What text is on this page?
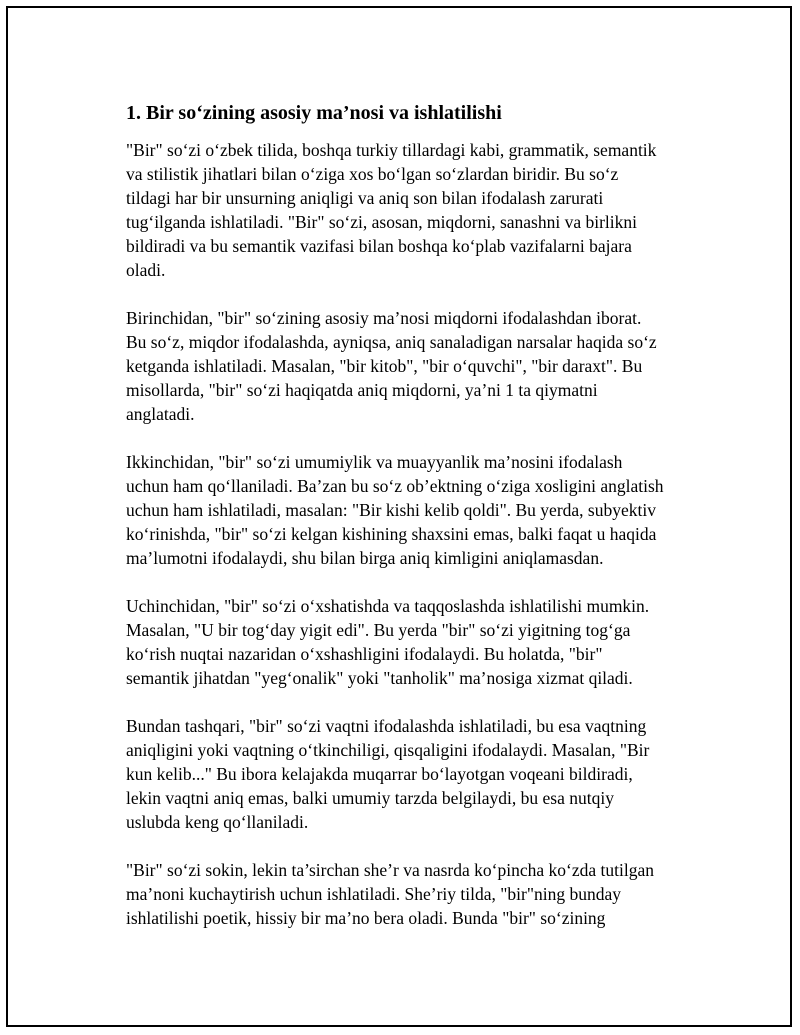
1. Bir so‘zining asosiy ma’nosi va ishlatilishi

"Bir" so‘zi o‘zbek tilida, boshqa turkiy tillardagi kabi, grammatik, semantik
va stilistik jihatlari bilan o‘ziga xos bo‘lgan so‘zlardan biridir. Bu so‘z
tildagi har bir unsurning aniqligi va aniq son bilan ifodalash zarurati
tug‘ilganda ishlatiladi. "Bir" so‘zi, asosan, miqdorni, sanashni va birlikni
bildiradi va bu semantik vazifasi bilan boshqa ko‘plab vazifalarni bajara
oladi.

Birinchidan, "bir" so‘zining asosiy ma’nosi miqdorni ifodalashdan iborat.
Bu so‘z, miqdor ifodalashda, ayniqsa, aniq sanaladigan narsalar haqida so‘z
ketganda ishlatiladi. Masalan, "bir kitob", "bir o‘quvchi", "bir daraxt". Bu
misollarda, "bir" so‘zi haqiqatda aniq miqdorni, ya’ni 1 ta qiymatni
anglatadi.

Ikkinchidan, "bir" so‘zi umumiylik va muayyanlik ma’nosini ifodalash
uchun ham qo‘llaniladi. Ba’zan bu so‘z ob’ektning o‘ziga xosligini anglatish
uchun ham ishlatiladi, masalan: "Bir kishi kelib qoldi". Bu yerda, subyektiv
ko‘rinishda, "bir" so‘zi kelgan kishining shaxsini emas, balki faqat u haqida
ma’lumotni ifodalaydi, shu bilan birga aniq kimligini aniqlamasdan.

Uchinchidan, "bir" so‘zi o‘xshatishda va taqqoslashda ishlatilishi mumkin.
Masalan, "U bir tog‘day yigit edi". Bu yerda "bir" so‘zi yigitning tog‘ga
ko‘rish nuqtai nazaridan o‘xshashligini ifodalaydi. Bu holatda, "bir"
semantik jihatdan "yeg‘onalik" yoki "tanholik" ma’nosiga xizmat qiladi.

Bundan tashqari, "bir" so‘zi vaqtni ifodalashda ishlatiladi, bu esa vaqtning
aniqligini yoki vaqtning o‘tkinchiligi, qisqaligini ifodalaydi. Masalan, "Bir
kun kelib..." Bu ibora kelajakda muqarrar bo‘layotgan voqeani bildiradi,
lekin vaqtni aniq emas, balki umumiy tarzda belgilaydi, bu esa nutqiy
uslubda keng qo‘llaniladi.

"Bir" so‘zi sokin, lekin ta’sirchan she’r va nasrda ko‘pincha ko‘zda tutilgan
ma’noni kuchaytirish uchun ishlatiladi. She’riy tilda, "bir"ning bunday
ishlatilishi poetik, hissiy bir ma’no bera oladi. Bunda "bir" so‘zining
